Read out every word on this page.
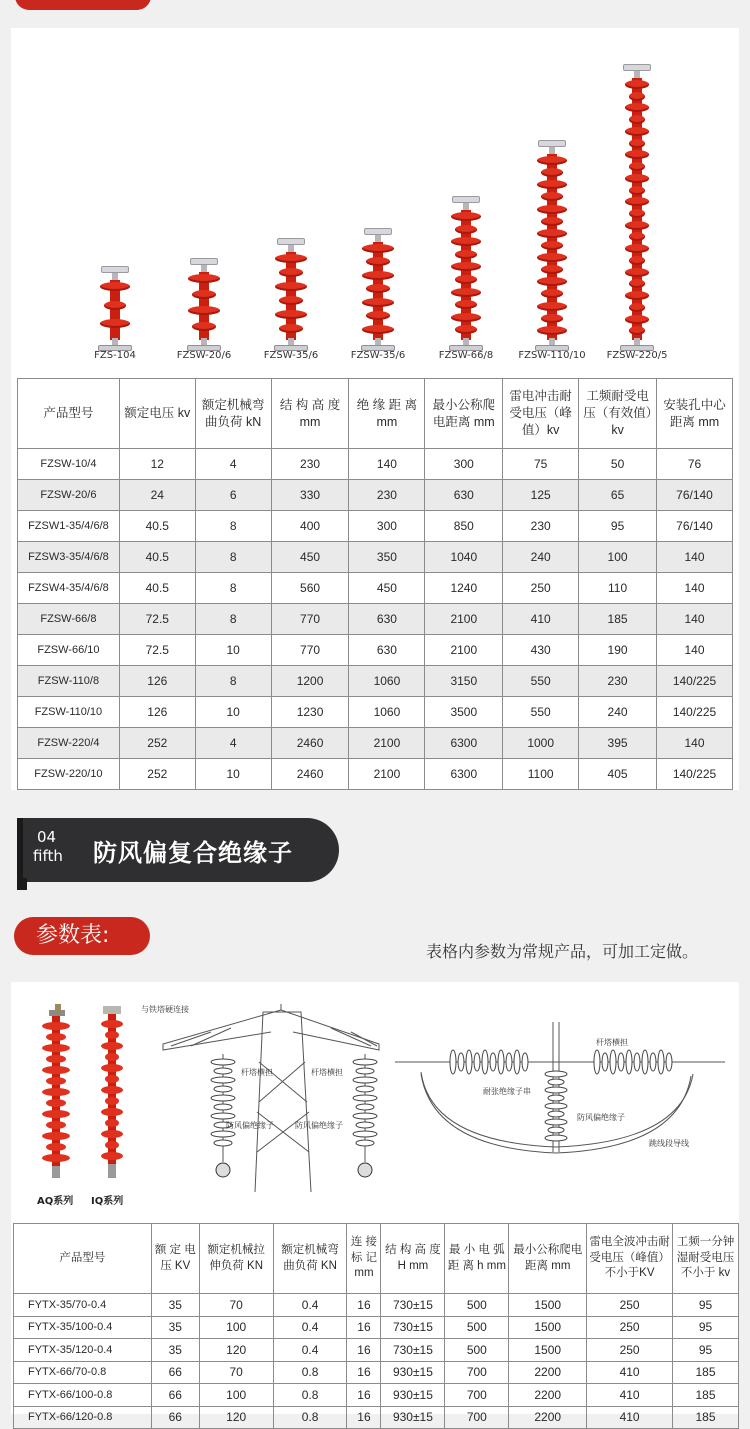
FZS-104	FZSW-20/6	FZSW-35/6	FZSW-35/6	FZSW-66/8	FZSW-110/10 FZSW-220/5
产品型号	额定电压 kv	额定机械弯曲负荷 kN	结 构 高 度 mm	绝 缘 距 离 mm	最小公称爬电距离 mm	雷电冲击耐受电压（峰值）kv	工频耐受电压（有效值）kv	安装孔中心距离 mm
FZSW-10/4	12	4	230	140	300	75	50	76
FZSW-20/6	24	6	330	230	630	125	65	76/140
FZSW1-35/4/6/8	40.5	8	400	300	850	230	95	76/140
FZSW3-35/4/6/8	40.5	8	450	350	1040	240	100	140
FZSW4-35/4/6/8	40.5	8	560	450	1240	250	110	140
FZSW-66/8	72.5	8	770	630	2100	410	185	140
FZSW-66/10	72.5	10	770	630	2100	430	190	140
FZSW-110/8	126	8	1200	1060	3150	550	230	140/225
FZSW-110/10	126	10	1230	1060	3500	550	240	140/225
FZSW-220/4	252	4	2460	2100	6300	1000	395	140
FZSW-220/10	252	10	2460	2100	6300	1100	405	140/225
04
fifth 防风偏复合绝缘子
参数表:
表格内参数为常规产品，可加工定做。
AQ系列 IQ系列
与铁塔硬连接
杆塔横担	杆塔横担
防风偏绝缘子	防风偏绝缘子
杆塔横担
耐张绝缘子串
防风偏绝缘子
跳线段导线
产品型号	额 定 电 压 KV	额定机械拉伸负荷 KN	额定机械弯曲负荷 KN	连 接 标 记 mm	结 构 高 度 H mm	最 小 电 弧 距 离 h mm	最小公称爬电距离 mm	雷电全波冲击耐受电压（峰值）不小于KV	工频一分钟湿耐受电压不小于 kv
FYTX-35/70-0.4	35	70	0.4	16	730±15	500	1500	250	95
FYTX-35/100-0.4	35	100	0.4	16	730±15	500	1500	250	95
FYTX-35/120-0.4	35	120	0.4	16	730±15	500	1500	250	95
FYTX-66/70-0.8	66	70	0.8	16	930±15	700	2200	410	185
FYTX-66/100-0.8	66	100	0.8	16	930±15	700	2200	410	185
FYTX-66/120-0.8	66	120	0.8	16	930±15	700	2200	410	185
